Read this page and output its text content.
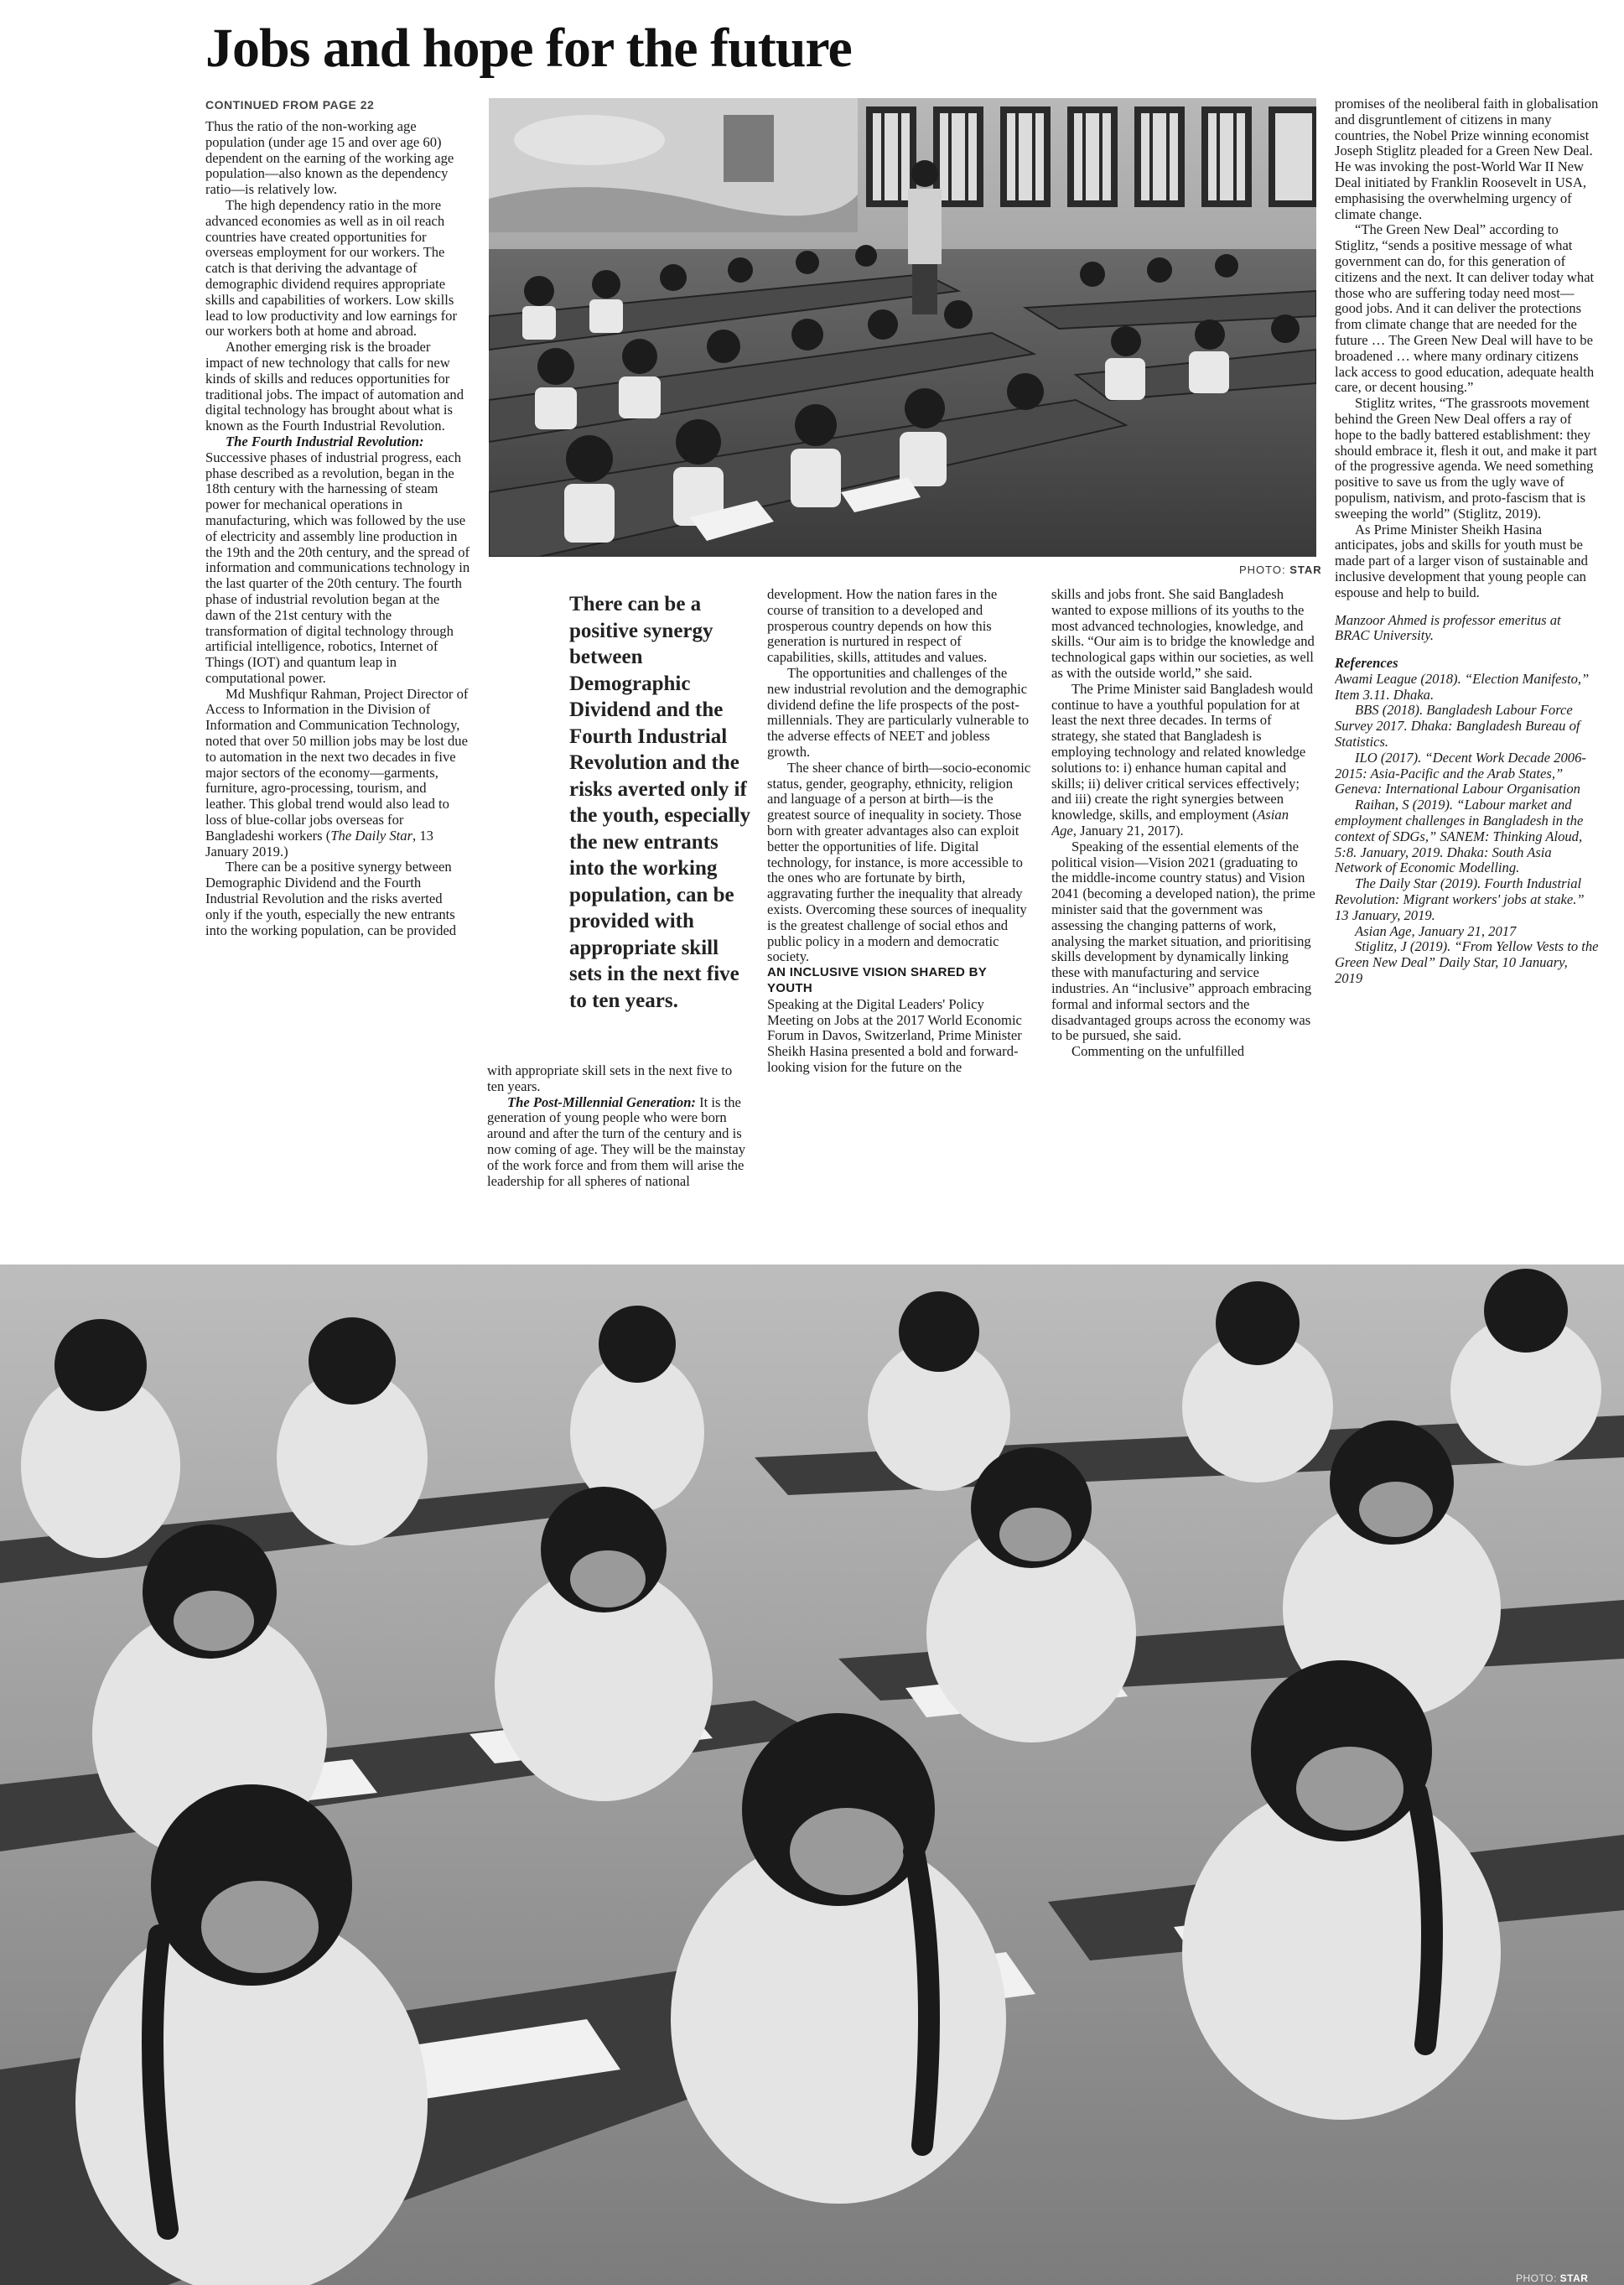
Jobs and hope for the future
CONTINUED FROM PAGE 22
PHOTO: STAR

Thus the ratio of the non-working age population (under age 15 and over age 60) dependent on the earning of the working age population—also known as the dependency ratio—is relatively low.

The high dependency ratio in the more advanced economies as well as in oil reach countries have created opportunities for overseas employment for our workers. The catch is that deriving the advantage of demographic dividend requires appropriate skills and capabilities of workers. Low skills lead to low productivity and low earnings for our workers both at home and abroad.

Another emerging risk is the broader impact of new technology that calls for new kinds of skills and reduces opportunities for traditional jobs. The impact of automation and digital technology has brought about what is known as the Fourth Industrial Revolution.

The Fourth Industrial Revolution:
Successive phases of industrial progress, each phase described as a revolution, began in the 18th century with the harnessing of steam power for mechanical operations in manufacturing, which was followed by the use of electricity and assembly line production in the 19th and the 20th century, and the spread of information and communications technology in the last quarter of the 20th century. The fourth phase of industrial revolution began at the dawn of the 21st century with the transformation of digital technology through artificial intelligence, robotics, Internet of Things (IOT) and quantum leap in computational power.

Md Mushfiqur Rahman, Project Director of Access to Information in the Division of Information and Communication Technology, noted that over 50 million jobs may be lost due to automation in the next two decades in five major sectors of the economy—garments, furniture, agro-processing, tourism, and leather. This global trend would also lead to loss of blue-collar jobs overseas for Bangladeshi workers (The Daily Star, 13 January 2019.)

There can be a positive synergy between Demographic Dividend and the Fourth Industrial Revolution and the risks averted only if the youth, especially the new entrants into the working population, can be provided

There can be a positive synergy between Demographic Dividend and the Fourth Industrial Revolution and the risks averted only if the youth, especially the new entrants into the working population, can be provided with appropriate skill sets in the next five to ten years.

with appropriate skill sets in the next five to ten years.

The Post-Millennial Generation: It is the generation of young people who were born around and after the turn of the century and is now coming of age. They will be the mainstay of the work force and from them will arise the leadership for all spheres of national

development. How the nation fares in the course of transition to a developed and prosperous country depends on how this generation is nurtured in respect of capabilities, skills, attitudes and values.

The opportunities and challenges of the new industrial revolution and the demographic dividend define the life prospects of the post-millennials. They are particularly vulnerable to the adverse effects of NEET and jobless growth.

The sheer chance of birth—socio-economic status, gender, geography, ethnicity, religion and language of a person at birth—is the greatest source of inequality in society. Those born with greater advantages also can exploit better the opportunities of life. Digital technology, for instance, is more accessible to the ones who are fortunate by birth, aggravating further the inequality that already exists. Overcoming these sources of inequality is the greatest challenge of social ethos and public policy in a modern and democratic society.

AN INCLUSIVE VISION SHARED BY YOUTH

Speaking at the Digital Leaders' Policy Meeting on Jobs at the 2017 World Economic Forum in Davos, Switzerland, Prime Minister Sheikh Hasina presented a bold and forward-looking vision for the future on the

skills and jobs front. She said Bangladesh wanted to expose millions of its youths to the most advanced technologies, knowledge, and skills. “Our aim is to bridge the knowledge and technological gaps within our societies, as well as with the outside world,” she said.

The Prime Minister said Bangladesh would continue to have a youthful population for at least the next three decades. In terms of strategy, she stated that Bangladesh is employing technology and related knowledge solutions to: i) enhance human capital and skills; ii) deliver critical services effectively; and iii) create the right synergies between knowledge, skills, and employment (Asian Age, January 21, 2017).

Speaking of the essential elements of the political vision—Vision 2021 (graduating to the middle-income country status) and Vision 2041 (becoming a developed nation), the prime minister said that the government was assessing the changing patterns of work, analysing the market situation, and prioritising skills development by dynamically linking these with manufacturing and service industries. An “inclusive” approach embracing formal and informal sectors and the disadvantaged groups across the economy was to be pursued, she said.

Commenting on the unfulfilled

promises of the neoliberal faith in globalisation and disgruntlement of citizens in many countries, the Nobel Prize winning economist Joseph Stiglitz pleaded for a Green New Deal. He was invoking the post-World War II New Deal initiated by Franklin Roosevelt in USA, emphasising the overwhelming urgency of climate change.

“The Green New Deal” according to Stiglitz, “sends a positive message of what government can do, for this generation of citizens and the next. It can deliver today what those who are suffering today need most—good jobs. And it can deliver the protections from climate change that are needed for the future … The Green New Deal will have to be broadened … where many ordinary citizens lack access to good education, adequate health care, or decent housing.”

Stiglitz writes, “The grassroots movement behind the Green New Deal offers a ray of hope to the badly battered establishment: they should embrace it, flesh it out, and make it part of the progressive agenda. We need something positive to save us from the ugly wave of populism, nativism, and proto-fascism that is sweeping the world” (Stiglitz, 2019).

As Prime Minister Sheikh Hasina anticipates, jobs and skills for youth must be made part of a larger vison of sustainable and inclusive development that young people can espouse and help to build.

Manzoor Ahmed is professor emeritus at BRAC University.

References

Awami League (2018). “Election Manifesto,” Item 3.11. Dhaka.

BBS (2018). Bangladesh Labour Force Survey 2017. Dhaka: Bangladesh Bureau of Statistics.

ILO (2017). “Decent Work Decade 2006-2015: Asia-Pacific and the Arab States,” Geneva: International Labour Organisation

Raihan, S (2019). “Labour market and employment challenges in Bangladesh in the context of SDGs,” SANEM: Thinking Aloud, 5:8. January, 2019. Dhaka: South Asia Network of Economic Modelling.

The Daily Star (2019). Fourth Industrial Revolution: Migrant workers' jobs at stake.” 13 January, 2019.

Asian Age, January 21, 2017

Stiglitz, J (2019). “From Yellow Vests to the Green New Deal” Daily Star, 10 January, 2019

PHOTO: STAR
